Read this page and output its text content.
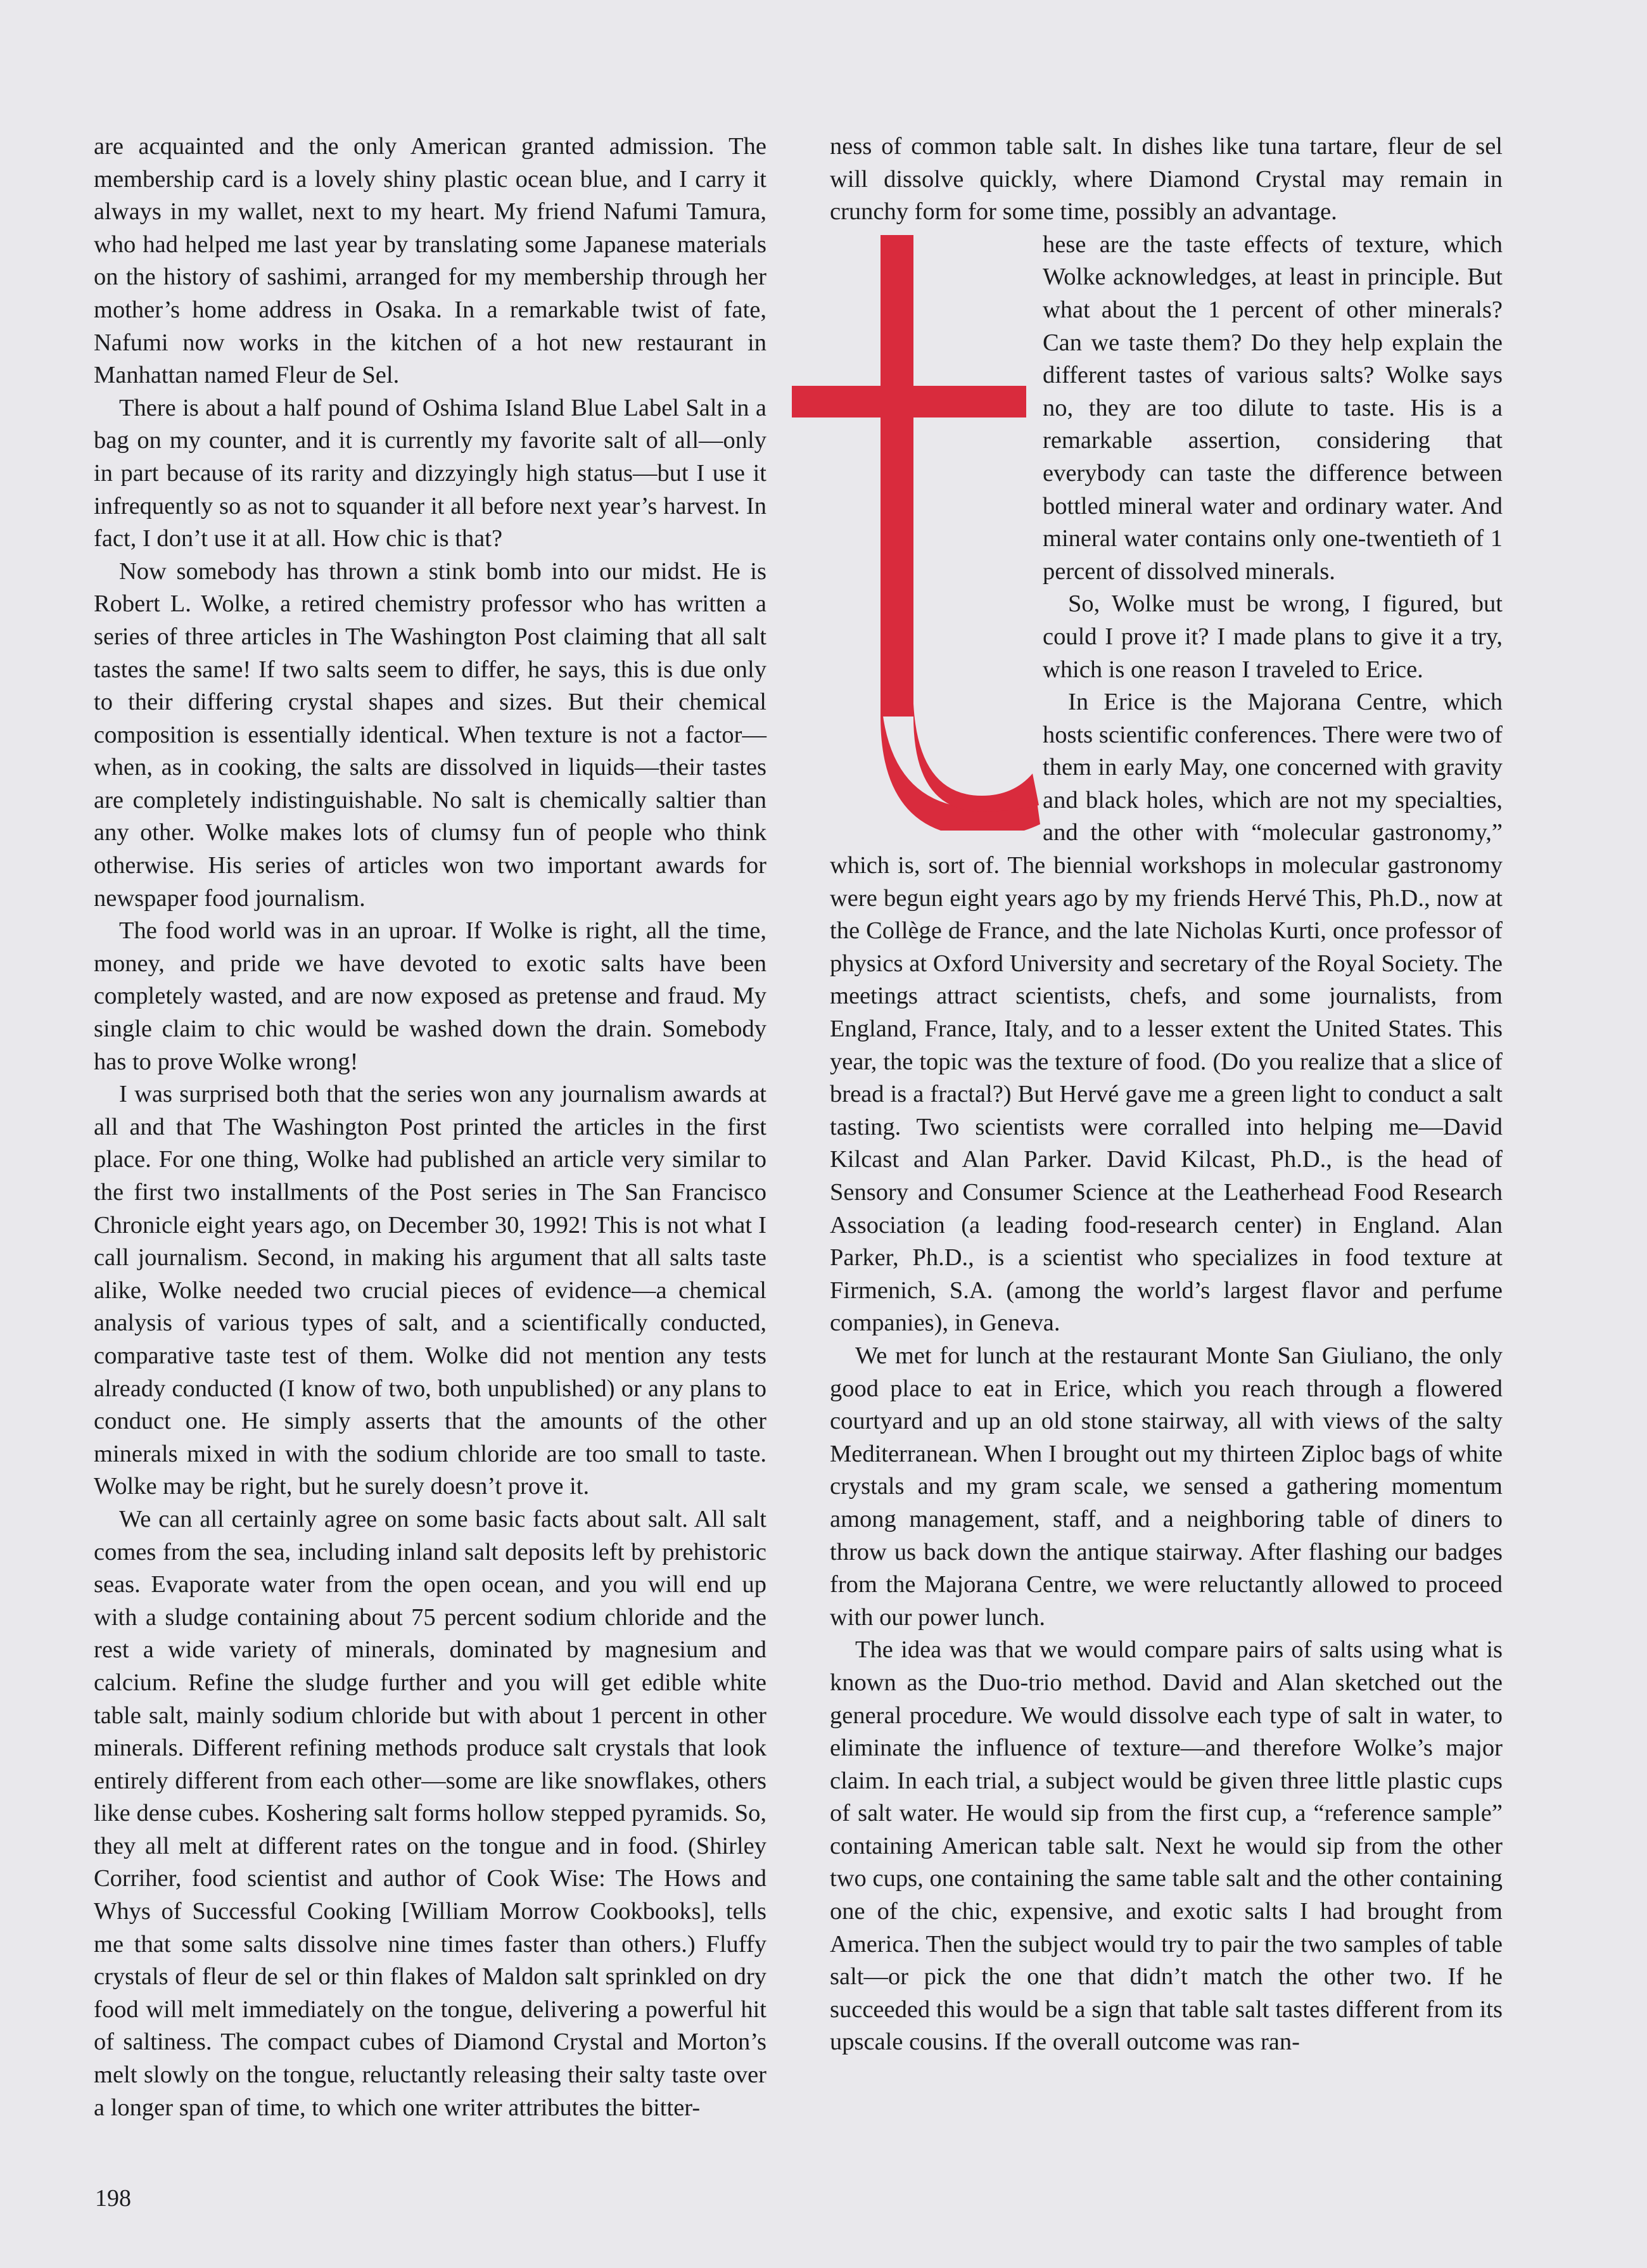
are acquainted and the only American granted admission. The membership card is a lovely shiny plastic ocean blue, and I carry it always in my wallet, next to my heart. My friend Nafumi Tamura, who had helped me last year by translating some Japanese materials on the history of sashimi, arranged for my membership through her mother’s home address in Osaka. In a remarkable twist of fate, Nafumi now works in the kitchen of a hot new restaurant in Manhattan named Fleur de Sel.

There is about a half pound of Oshima Island Blue Label Salt in a bag on my counter, and it is currently my favorite salt of all—only in part because of its rarity and dizzyingly high status—but I use it infrequently so as not to squander it all before next year’s harvest. In fact, I don’t use it at all. How chic is that?

Now somebody has thrown a stink bomb into our midst. He is Robert L. Wolke, a retired chemistry professor who has written a series of three articles in The Washington Post claiming that all salt tastes the same! If two salts seem to differ, he says, this is due only to their differing crystal shapes and sizes. But their chemical composition is essentially identical. When texture is not a factor—when, as in cooking, the salts are dissolved in liquids—their tastes are completely indistinguishable. No salt is chemically saltier than any other. Wolke makes lots of clumsy fun of people who think otherwise. His series of articles won two important awards for newspaper food journalism.

The food world was in an uproar. If Wolke is right, all the time, money, and pride we have devoted to exotic salts have been completely wasted, and are now exposed as pretense and fraud. My single claim to chic would be washed down the drain. Somebody has to prove Wolke wrong!

I was surprised both that the series won any journalism awards at all and that The Washington Post printed the articles in the first place. For one thing, Wolke had published an article very similar to the first two installments of the Post series in The San Francisco Chronicle eight years ago, on December 30, 1992! This is not what I call journalism. Second, in making his argument that all salts taste alike, Wolke needed two crucial pieces of evidence—a chemical analysis of various types of salt, and a scientifically conducted, comparative taste test of them. Wolke did not mention any tests already conducted (I know of two, both unpublished) or any plans to conduct one. He simply asserts that the amounts of the other minerals mixed in with the sodium chloride are too small to taste. Wolke may be right, but he surely doesn’t prove it.

We can all certainly agree on some basic facts about salt. All salt comes from the sea, including inland salt deposits left by prehistoric seas. Evaporate water from the open ocean, and you will end up with a sludge containing about 75 percent sodium chloride and the rest a wide variety of minerals, dominated by magnesium and calcium. Refine the sludge further and you will get edible white table salt, mainly sodium chloride but with about 1 percent in other minerals. Different refining methods produce salt crystals that look entirely different from each other—some are like snowflakes, others like dense cubes. Koshering salt forms hollow stepped pyramids. So, they all melt at different rates on the tongue and in food. (Shirley Corriher, food scientist and author of Cook Wise: The Hows and Whys of Successful Cooking [William Morrow Cookbooks], tells me that some salts dissolve nine times faster than others.) Fluffy crystals of fleur de sel or thin flakes of Maldon salt sprinkled on dry food will melt immediately on the tongue, delivering a powerful hit of saltiness. The compact cubes of Diamond Crystal and Morton’s melt slowly on the tongue, reluctantly releasing their salty taste over a longer span of time, to which one writer attributes the bitter-

ness of common table salt. In dishes like tuna tartare, fleur de sel will dissolve quickly, where Diamond Crystal may remain in crunchy form for some time, possibly an advantage.

hese are the taste effects of texture, which Wolke acknowledges, at least in principle. But what about the 1 percent of other minerals? Can we taste them? Do they help explain the different tastes of various salts? Wolke says no, they are too dilute to taste. His is a remarkable assertion, considering that everybody can taste the difference between bottled mineral water and ordinary water. And mineral water contains only one-twentieth of 1 percent of dissolved minerals.

So, Wolke must be wrong, I figured, but could I prove it? I made plans to give it a try, which is one reason I traveled to Erice.

In Erice is the Majorana Centre, which hosts scientific conferences. There were two of them in early May, one concerned with gravity and black holes, which are not my specialties, and the other with “molecular gastronomy,” which is, sort of. The biennial workshops in molecular gastronomy were begun eight years ago by my friends Hervé This, Ph.D., now at the Collège de France, and the late Nicholas Kurti, once professor of physics at Oxford University and secretary of the Royal Society. The meetings attract scientists, chefs, and some journalists, from England, France, Italy, and to a lesser extent the United States. This year, the topic was the texture of food. (Do you realize that a slice of bread is a fractal?) But Hervé gave me a green light to conduct a salt tasting. Two scientists were corralled into helping me—David Kilcast and Alan Parker. David Kilcast, Ph.D., is the head of Sensory and Consumer Science at the Leatherhead Food Research Association (a leading food-research center) in England. Alan Parker, Ph.D., is a scientist who specializes in food texture at Firmenich, S.A. (among the world’s largest flavor and perfume companies), in Geneva.

We met for lunch at the restaurant Monte San Giuliano, the only good place to eat in Erice, which you reach through a flowered courtyard and up an old stone stairway, all with views of the salty Mediterranean. When I brought out my thirteen Ziploc bags of white crystals and my gram scale, we sensed a gathering momentum among management, staff, and a neighboring table of diners to throw us back down the antique stairway. After flashing our badges from the Majorana Centre, we were reluctantly allowed to proceed with our power lunch.

The idea was that we would compare pairs of salts using what is known as the Duo-trio method. David and Alan sketched out the general procedure. We would dissolve each type of salt in water, to eliminate the influence of texture—and therefore Wolke’s major claim. In each trial, a subject would be given three little plastic cups of salt water. He would sip from the first cup, a “reference sample” containing American table salt. Next he would sip from the other two cups, one containing the same table salt and the other containing one of the chic, expensive, and exotic salts I had brought from America. Then the subject would try to pair the two samples of table salt—or pick the one that didn’t match the other two. If he succeeded this would be a sign that table salt tastes different from its upscale cousins. If the overall outcome was ran-

198
